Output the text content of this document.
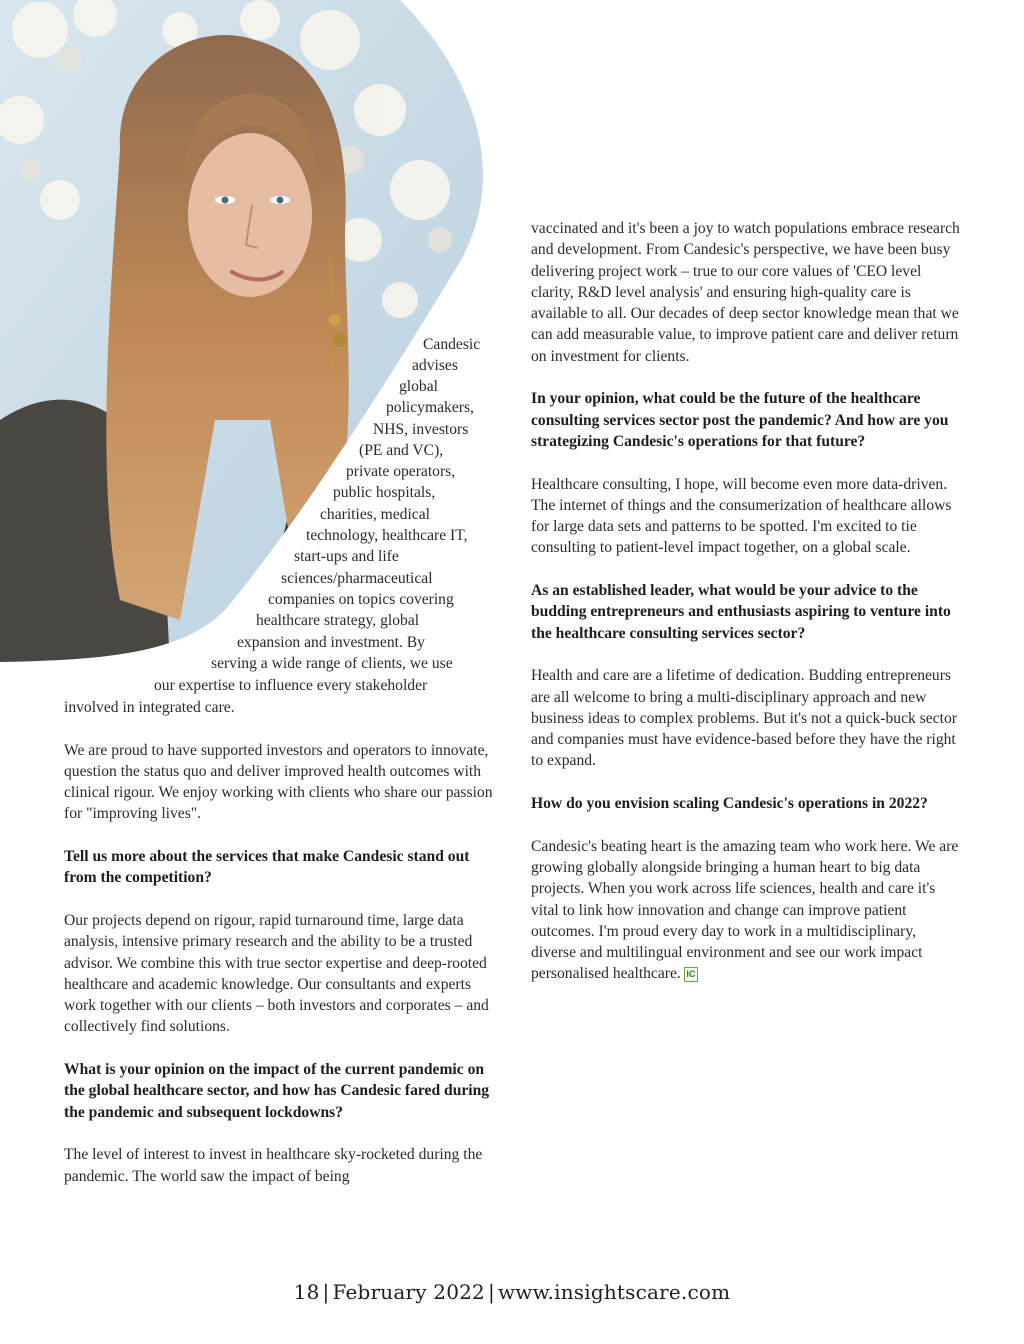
Candesic
advises
global
policymakers,
NHS, investors
(PE and VC),
private operators,
public hospitals,
charities, medical
technology, healthcare IT,
start-ups and life
sciences/pharmaceutical
companies on topics covering
healthcare strategy, global
expansion and investment. By
serving a wide range of clients, we use
our expertise to influence every stakeholder

involved in integrated care.

We are proud to have supported investors and operators to innovate, question the status quo and deliver improved health outcomes with clinical rigour. We enjoy working with clients who share our passion for "improving lives".

Tell us more about the services that make Candesic stand out from the competition?

Our projects depend on rigour, rapid turnaround time, large data analysis, intensive primary research and the ability to be a trusted advisor. We combine this with true sector expertise and deep-rooted healthcare and academic knowledge. Our consultants and experts work together with our clients – both investors and corporates – and collectively find solutions.

What is your opinion on the impact of the current pandemic on the global healthcare sector, and how has Candesic fared during the pandemic and subsequent lockdowns?

The level of interest to invest in healthcare sky-rocketed during the pandemic. The world saw the impact of being

vaccinated and it's been a joy to watch populations embrace research and development. From Candesic's perspective, we have been busy delivering project work – true to our core values of 'CEO level clarity, R&D level analysis' and ensuring high-quality care is available to all. Our decades of deep sector knowledge mean that we can add measurable value, to improve patient care and deliver return on investment for clients.

In your opinion, what could be the future of the healthcare consulting services sector post the pandemic? And how are you strategizing Candesic's operations for that future?

Healthcare consulting, I hope, will become even more data-driven. The internet of things and the consumerization of healthcare allows for large data sets and patterns to be spotted. I'm excited to tie consulting to patient-level impact together, on a global scale.

As an established leader, what would be your advice to the budding entrepreneurs and enthusiasts aspiring to venture into the healthcare consulting services sector?

Health and care are a lifetime of dedication. Budding entrepreneurs are all welcome to bring a multi-disciplinary approach and new business ideas to complex problems. But it's not a quick-buck sector and companies must have evidence-based before they have the right to expand.

How do you envision scaling Candesic's operations in 2022?

Candesic's beating heart is the amazing team who work here. We are growing globally alongside bringing a human heart to big data projects. When you work across life sciences, health and care it's vital to link how innovation and change can improve patient outcomes. I'm proud every day to work in a multidisciplinary, diverse and multilingual environment and see our work impact personalised healthcare. IC

18 | February 2022 | www.insightscare.com
